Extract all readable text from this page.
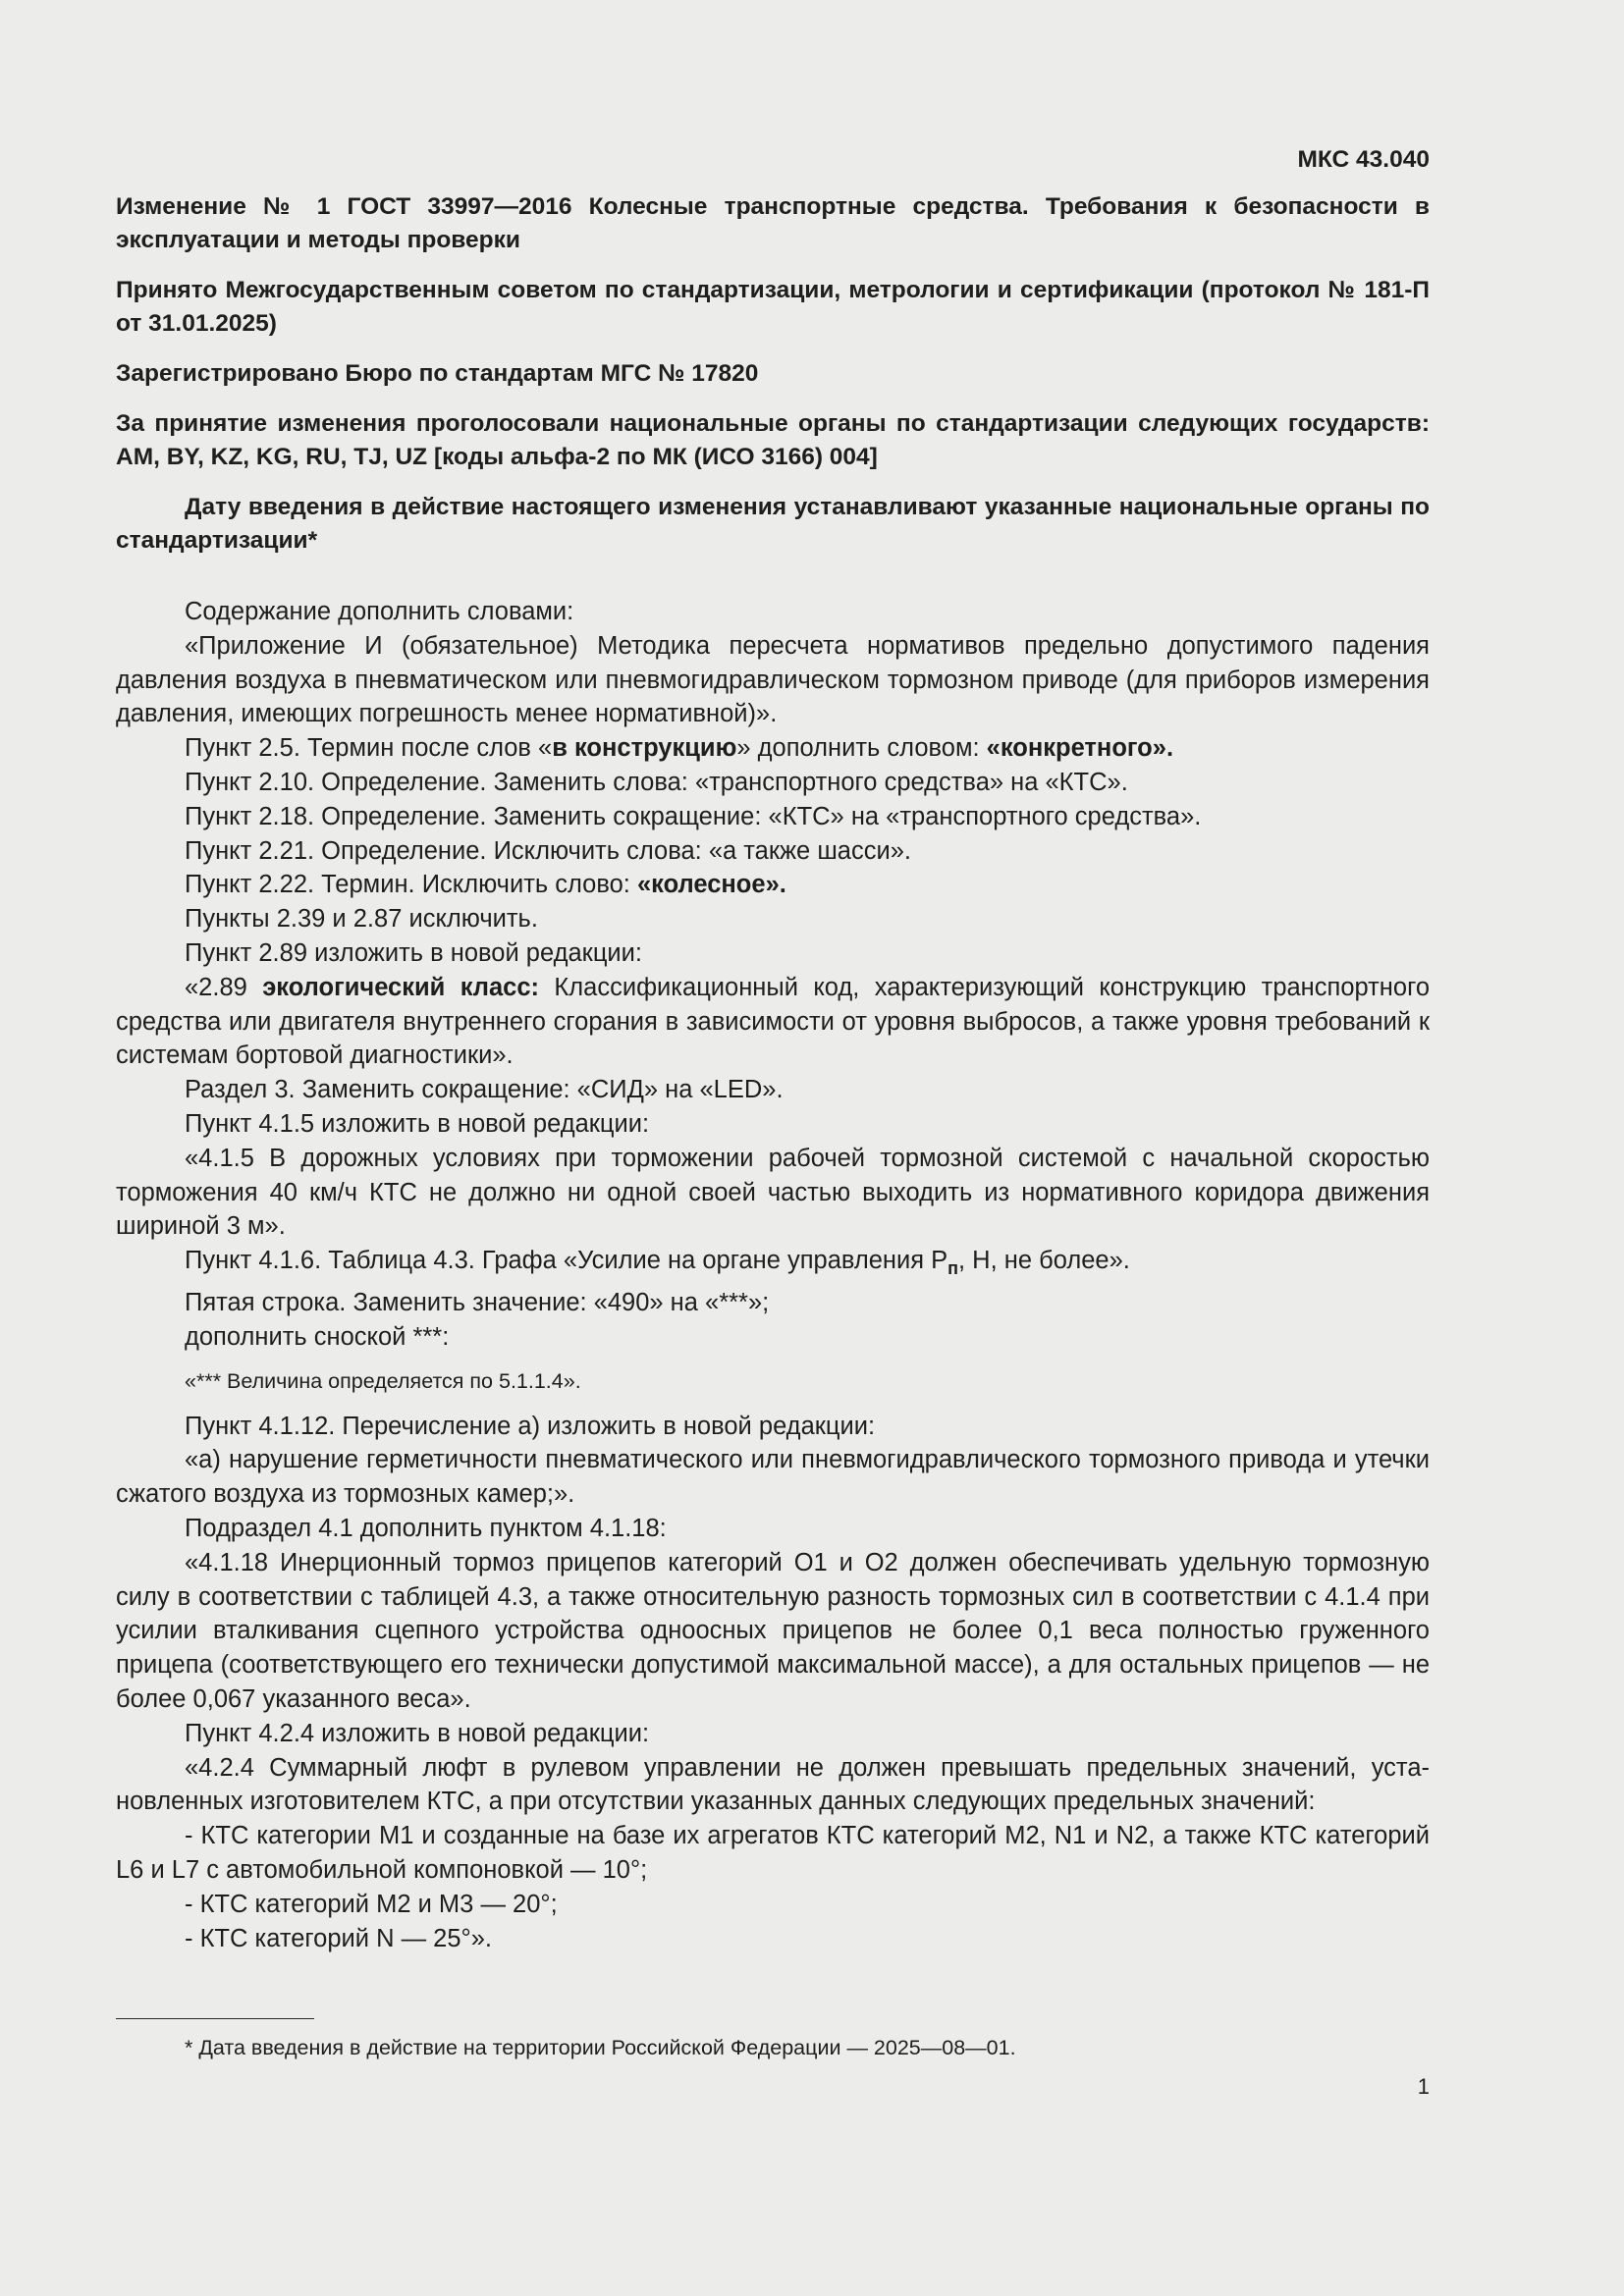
МКС 43.040

Изменение № 1 ГОСТ 33997—2016 Колесные транспортные средства. Требования к безопасности в эксплуатации и методы проверки

Принято Межгосударственным советом по стандартизации, метрологии и сертификации (протокол № 181-П от 31.01.2025)

Зарегистрировано Бюро по стандартам МГС № 17820

За принятие изменения проголосовали национальные органы по стандартизации следующих государств: AM, BY, KZ, KG, RU, TJ, UZ [коды альфа-2 по МК (ИСО 3166) 004]

Дату введения в действие настоящего изменения устанавливают указанные национальные органы по стандартизации*

Содержание дополнить словами:

«Приложение И (обязательное) Методика пересчета нормативов предельно допустимого падения давления воздуха в пневматическом или пневмогидравлическом тормозном приводе (для приборов измерения давления, имеющих погрешность менее нормативной)».

Пункт 2.5. Термин после слов «в конструкцию» дополнить словом: «конкретного».

Пункт 2.10. Определение. Заменить слова: «транспортного средства» на «КТС».

Пункт 2.18. Определение. Заменить сокращение: «КТС» на «транспортного средства».

Пункт 2.21. Определение. Исключить слова: «а также шасси».

Пункт 2.22. Термин. Исключить слово: «колесное».

Пункты 2.39 и 2.87 исключить.

Пункт 2.89 изложить в новой редакции:

«2.89 экологический класс: Классификационный код, характеризующий конструкцию транспортного средства или двигателя внутреннего сгорания в зависимости от уровня выбросов, а также уровня требований к системам бортовой диагностики».

Раздел 3. Заменить сокращение: «СИД» на «LED».

Пункт 4.1.5 изложить в новой редакции:

«4.1.5 В дорожных условиях при торможении рабочей тормозной системой с начальной скоростью торможения 40 км/ч КТС не должно ни одной своей частью выходить из нормативного коридора движения шириной 3 м».

Пункт 4.1.6. Таблица 4.3. Графа «Усилие на органе управления $P_п$, Н, не более».

Пятая строка. Заменить значение: «490» на «***»;

дополнить сноской ***:

«*** Величина определяется по 5.1.1.4».

Пункт 4.1.12. Перечисление а) изложить в новой редакции:

«а) нарушение герметичности пневматического или пневмогидравлического тормозного привода и утечки сжатого воздуха из тормозных камер;».

Подраздел 4.1 дополнить пунктом 4.1.18:

«4.1.18 Инерционный тормоз прицепов категорий О1 и О2 должен обеспечивать удельную тормозную силу в соответствии с таблицей 4.3, а также относительную разность тормозных сил в соответствии с 4.1.4 при усилии вталкивания сцепного устройства одноосных прицепов не более 0,1 веса полностью груженного прицепа (соответствующего его технически допустимой максимальной массе), а для остальных прицепов — не более 0,067 указанного веса».

Пункт 4.2.4 изложить в новой редакции:

«4.2.4 Суммарный люфт в рулевом управлении не должен превышать предельных значений, установленных изготовителем КТС, а при отсутствии указанных данных следующих предельных значений:

- КТС категории М1 и созданные на базе их агрегатов КТС категорий М2, N1 и N2, а также КТС категорий L6 и L7 с автомобильной компоновкой — 10°;

- КТС категорий М2 и М3 — 20°;

- КТС категорий N — 25°».

* Дата введения в действие на территории Российской Федерации — 2025—08—01.
1
